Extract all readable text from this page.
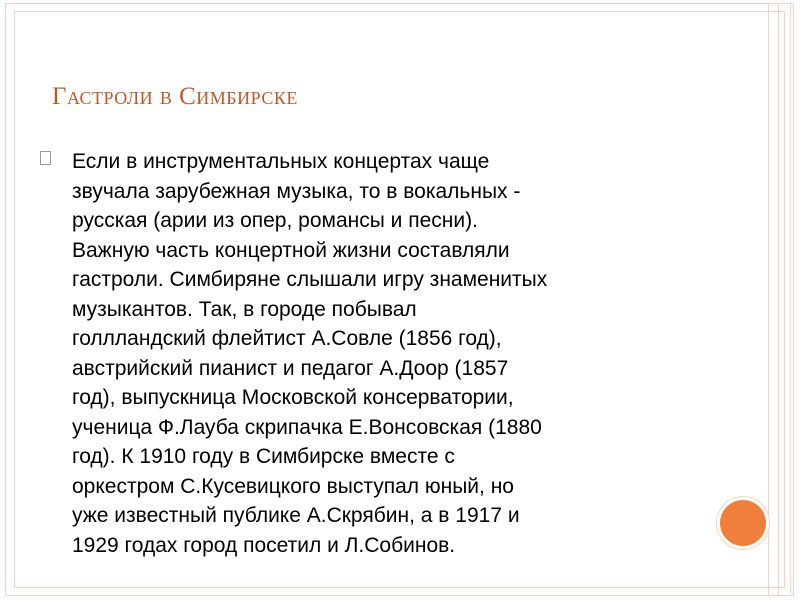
Гастроли в Симбирске

Если в инструментальных концертах чаще
звучала зарубежная музыка, то в вокальных -
русская (арии из опер, романсы и песни).
Важную часть концертной жизни составляли
гастроли. Симбиряне слышали игру знаменитых
музыкантов. Так, в городе побывал
голлландский флейтист А.Совле (1856 год),
австрийский пианист и педагог А.Доор (1857
год), выпускница Московской консерватории,
ученица Ф.Лауба скрипачка Е.Вонсовская (1880
год). К 1910 году в Симбирске вместе с
оркестром С.Кусевицкого выступал юный, но
уже известный публике А.Скрябин, а в 1917 и
1929 годах город посетил и Л.Собинов.
